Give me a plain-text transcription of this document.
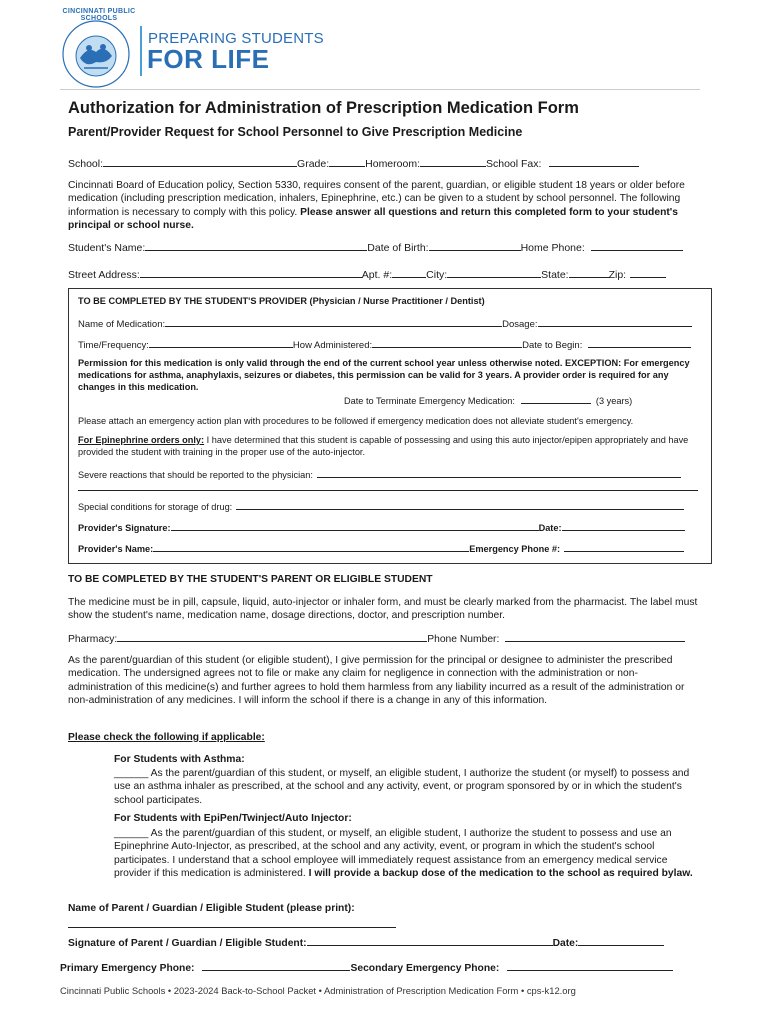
CINCINNATI PUBLIC SCHOOLS
PREPARING STUDENTS
FOR LIFE
Authorization for Administration of Prescription Medication Form
Parent/Provider Request for School Personnel to Give Prescription Medicine
School:	Grade:	Homeroom:	School Fax:
Cincinnati Board of Education policy, Section 5330, requires consent of the parent, guardian, or eligible student 18 years or older before medication (including prescription medication, inhalers, Epinephrine, etc.) can be given to a student by school personnel. The following information is necessary to comply with this policy. Please answer all questions and return this completed form to your student's principal or school nurse.
Student's Name:	Date of Birth:	Home Phone:
Street Address:	Apt. #:	City:	State:	Zip:
TO BE COMPLETED BY THE STUDENT'S PROVIDER (Physician / Nurse Practitioner / Dentist)
Name of Medication:	Dosage:
Time/Frequency:	How Administered:	Date to Begin:
Permission for this medication is only valid through the end of the current school year unless otherwise noted. EXCEPTION: For emergency medications for asthma, anaphylaxis, seizures or diabetes, this permission can be valid for 3 years. A provider order is required for any changes in this medication.
Date to Terminate Emergency Medication:	(3 years)
Please attach an emergency action plan with procedures to be followed if emergency medication does not alleviate student's emergency.
For Epinephrine orders only: I have determined that this student is capable of possessing and using this auto injector/epipen appropriately and have provided the student with training in the proper use of the auto-injector.
Severe reactions that should be reported to the physician:
Special conditions for storage of drug:
Provider's Signature:	Date:
Provider's Name:	Emergency Phone #:
TO BE COMPLETED BY THE STUDENT'S PARENT OR ELIGIBLE STUDENT
The medicine must be in pill, capsule, liquid, auto-injector or inhaler form, and must be clearly marked from the pharmacist. The label must show the student's name, medication name, dosage directions, doctor, and prescription number.
Pharmacy:	Phone Number:
As the parent/guardian of this student (or eligible student), I give permission for the principal or designee to administer the prescribed medication. The undersigned agrees not to file or make any claim for negligence in connection with the administration or non-administration of this medicine(s) and further agrees to hold them harmless from any liability incurred as a result of the administration or non-administration of any medicines. I will inform the school if there is a change in any of this information.
Please check the following if applicable:
For Students with Asthma:
______ As the parent/guardian of this student, or myself, an eligible student, I authorize the student (or myself) to possess and use an asthma inhaler as prescribed, at the school and any activity, event, or program sponsored by or in which the student's school participates.
For Students with EpiPen/Twinject/Auto Injector:
______ As the parent/guardian of this student, or myself, an eligible student, I authorize the student to possess and use an Epinephrine Auto-Injector, as prescribed, at the school and any activity, event, or program in which the student's school participates. I understand that a school employee will immediately request assistance from an emergency medical service provider if this medication is administered. I will provide a backup dose of the medication to the school as required bylaw.
Name of Parent / Guardian / Eligible Student (please print):
Signature of Parent / Guardian / Eligible Student:	Date:
Primary Emergency Phone:	Secondary Emergency Phone:
Cincinnati Public Schools • 2023-2024 Back-to-School Packet • Administration of Prescription Medication Form • cps-k12.org
